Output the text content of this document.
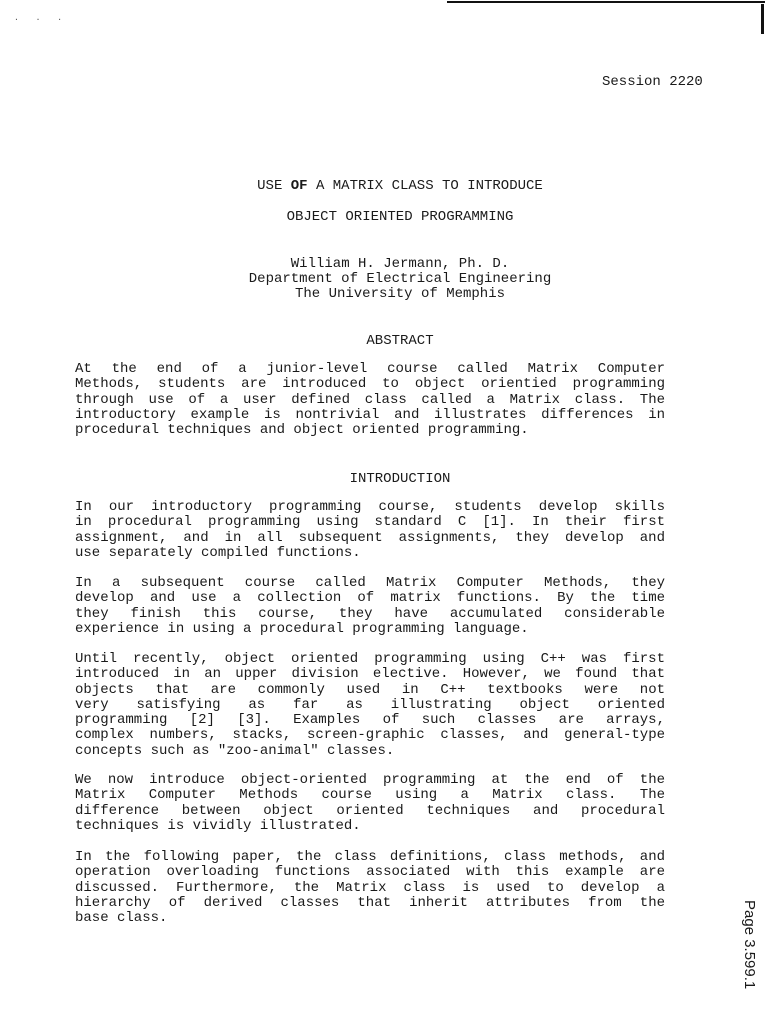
. . .
Session 2220
USE OF A MATRIX CLASS TO INTRODUCE
OBJECT ORIENTED PROGRAMMING
William H. Jermann, Ph. D.
Department of Electrical Engineering
The University of Memphis
ABSTRACT
At the end of a junior-level course called Matrix Computer
Methods, students are introduced to object orientied programming
through use of a user defined class called a Matrix class. The
introductory example is nontrivial and illustrates differences in
procedural techniques and object oriented programming.
INTRODUCTION
In our introductory programming course, students develop skills
in procedural programming using standard C [1]. In their first
assignment, and in all subsequent assignments, they develop and
use separately compiled functions.
In a subsequent course called Matrix Computer Methods, they
develop and use a collection of matrix functions. By the time
they finish this course, they have accumulated considerable
experience in using a procedural programming language.
Until recently, object oriented programming using C++ was first
introduced in an upper division elective. However, we found that
objects that are commonly used in C++ textbooks were not
very satisfying as far as illustrating object oriented
programming [2] [3]. Examples of such classes are arrays,
complex numbers, stacks, screen-graphic classes, and general-type
concepts such as "zoo-animal" classes.
We now introduce object-oriented programming at the end of the
Matrix Computer Methods course using a Matrix class. The
difference between object oriented techniques and procedural
techniques is vividly illustrated.
In the following paper, the class definitions, class methods, and
operation overloading functions associated with this example are
discussed. Furthermore, the Matrix class is used to develop a
hierarchy of derived classes that inherit attributes from the
base class.	Page 3.599.1
